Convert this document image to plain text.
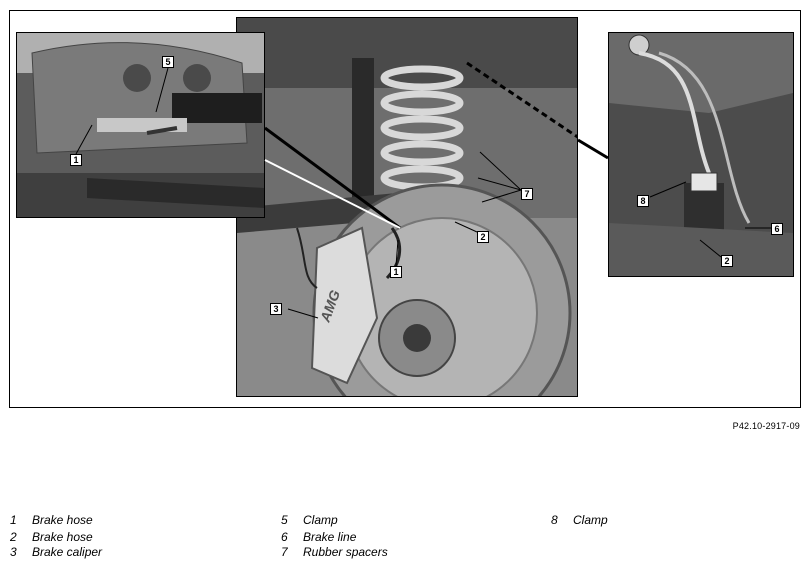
AMG
1
2
3
7
1
5
8
6
2
P42.10-2917-09
1	Brake hose
2	Brake hose
3	Brake caliper
5	Clamp
6	Brake line
7	Rubber spacers
8	Clamp
